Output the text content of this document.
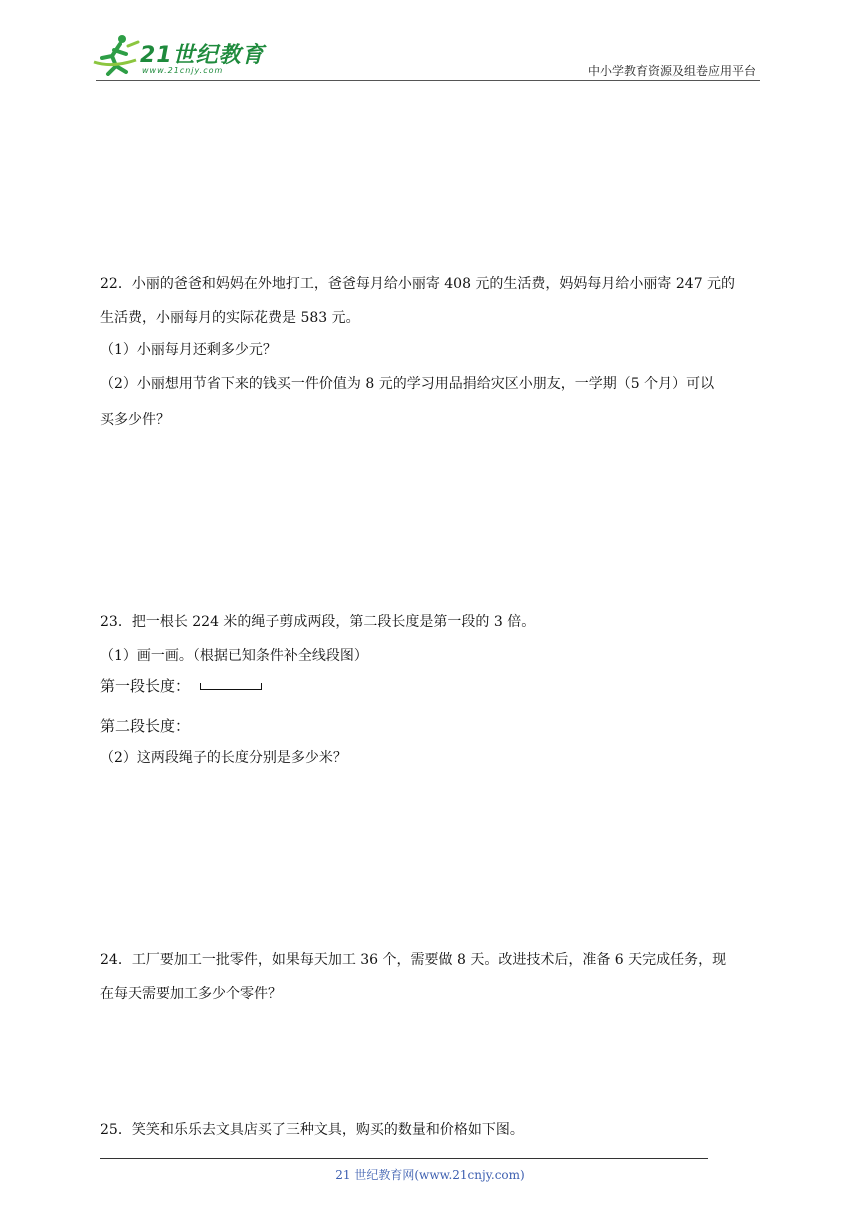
21世纪教育
www.21cnjy.com	中小学教育资源及组卷应用平台
22．小丽的爸爸和妈妈在外地打工，爸爸每月给小丽寄 408 元的生活费，妈妈每月给小丽寄 247 元的
生活费，小丽每月的实际花费是 583 元。
（1）小丽每月还剩多少元？
（2）小丽想用节省下来的钱买一件价值为 8 元的学习用品捐给灾区小朋友，一学期（5 个月）可以
买多少件？
23．把一根长 224 米的绳子剪成两段，第二段长度是第一段的 3 倍。
（1）画一画。（根据已知条件补全线段图）
第一段长度：
第二段长度：
（2）这两段绳子的长度分别是多少米？
24．工厂要加工一批零件，如果每天加工 36 个，需要做 8 天。改进技术后，准备 6 天完成任务，现
在每天需要加工多少个零件？
25．笑笑和乐乐去文具店买了三种文具，购买的数量和价格如下图。
21 世纪教育网(www.21cnjy.com)
